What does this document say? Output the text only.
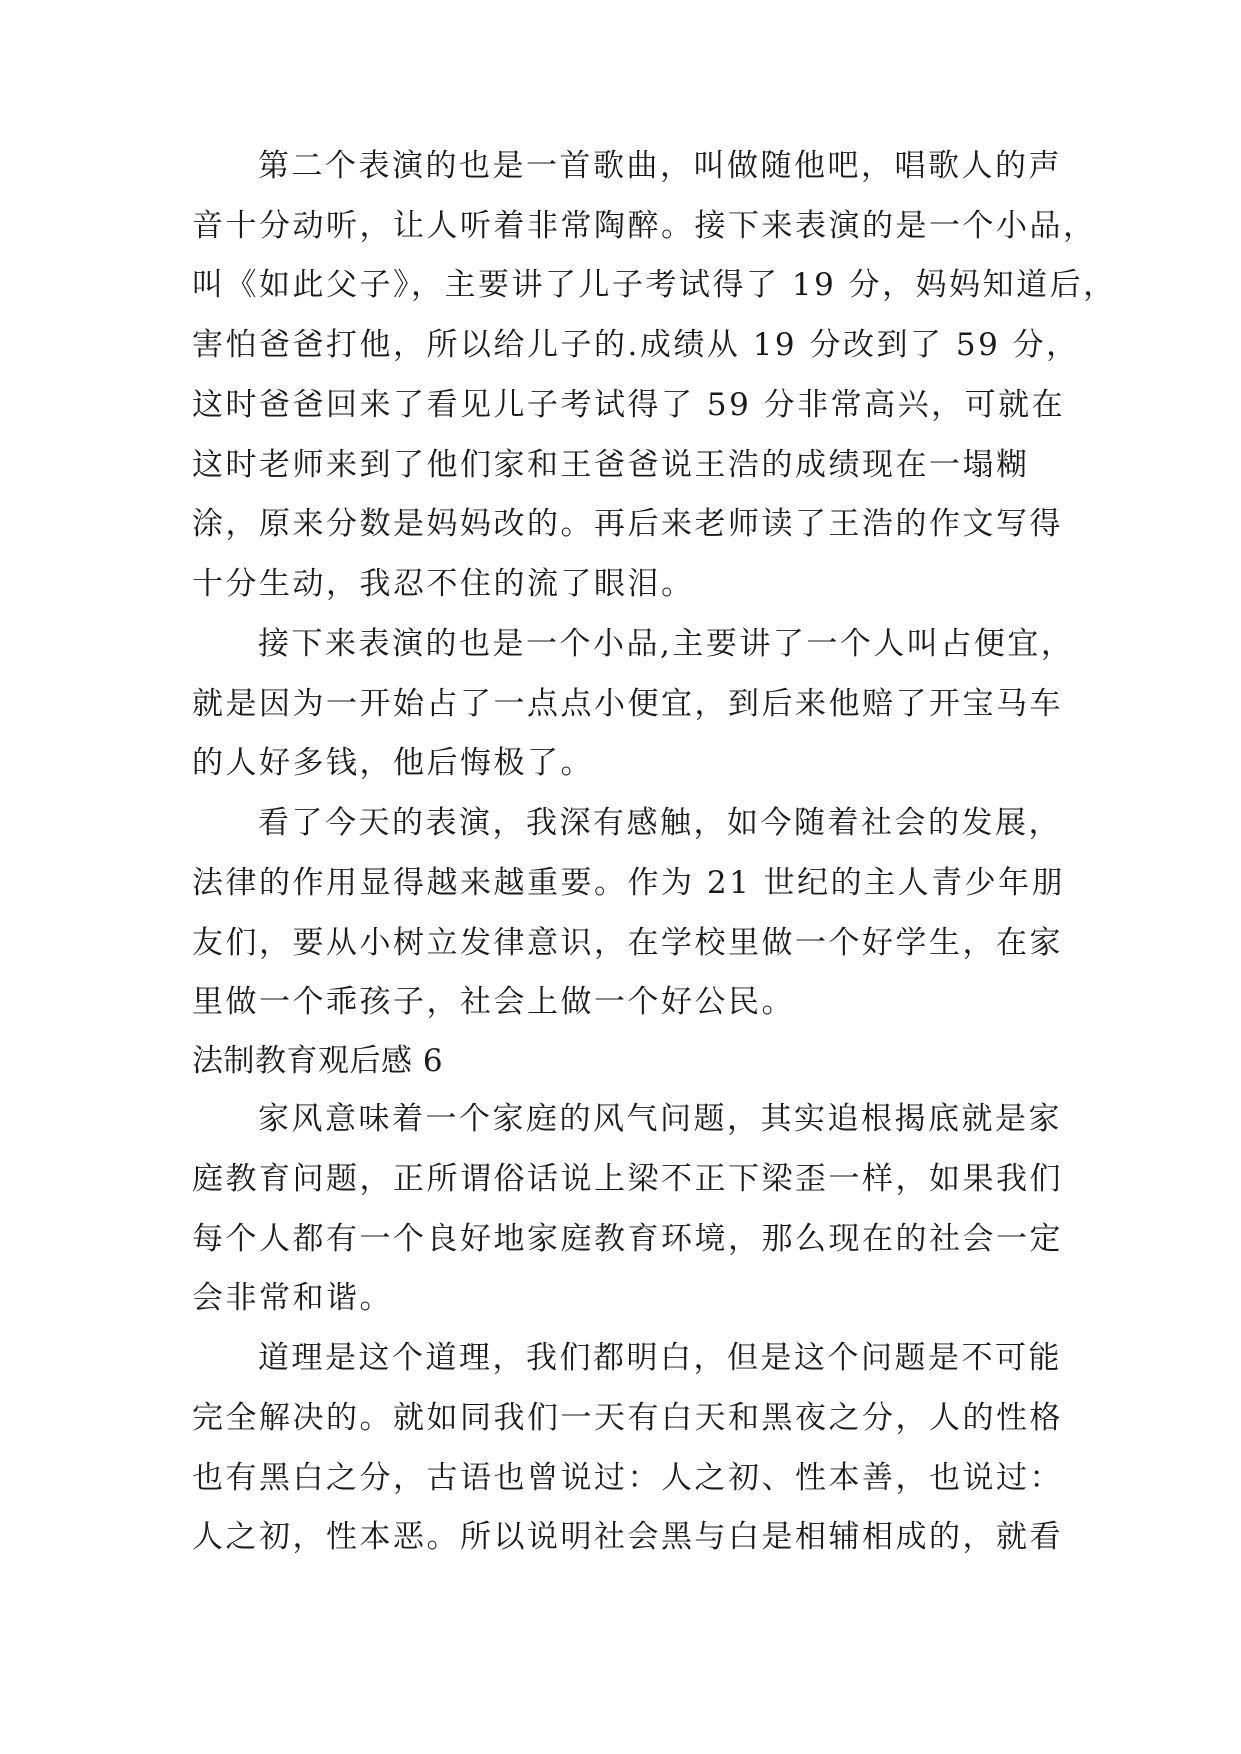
第二个表演的也是一首歌曲，叫做随他吧，唱歌人的声

音十分动听，让人听着非常陶醉。接下来表演的是一个小品，

叫《如此父子》，主要讲了儿子考试得了 19 分，妈妈知道后，

害怕爸爸打他，所以给儿子的.成绩从 19 分改到了 59 分，

这时爸爸回来了看见儿子考试得了 59 分非常高兴，可就在

这时老师来到了他们家和王爸爸说王浩的成绩现在一塌糊

涂，原来分数是妈妈改的。再后来老师读了王浩的作文写得

十分生动，我忍不住的流了眼泪。

接下来表演的也是一个小品,主要讲了一个人叫占便宜，

就是因为一开始占了一点点小便宜，到后来他赔了开宝马车

的人好多钱，他后悔极了。

看了今天的表演，我深有感触，如今随着社会的发展，

法律的作用显得越来越重要。作为 21 世纪的主人青少年朋

友们，要从小树立发律意识，在学校里做一个好学生，在家

里做一个乖孩子，社会上做一个好公民。

法制教育观后感 6

家风意味着一个家庭的风气问题，其实追根揭底就是家

庭教育问题，正所谓俗话说上梁不正下梁歪一样，如果我们

每个人都有一个良好地家庭教育环境，那么现在的社会一定

会非常和谐。

道理是这个道理，我们都明白，但是这个问题是不可能

完全解决的。就如同我们一天有白天和黑夜之分，人的性格

也有黑白之分，古语也曾说过：人之初、性本善，也说过：

人之初，性本恶。所以说明社会黑与白是相辅相成的，就看
